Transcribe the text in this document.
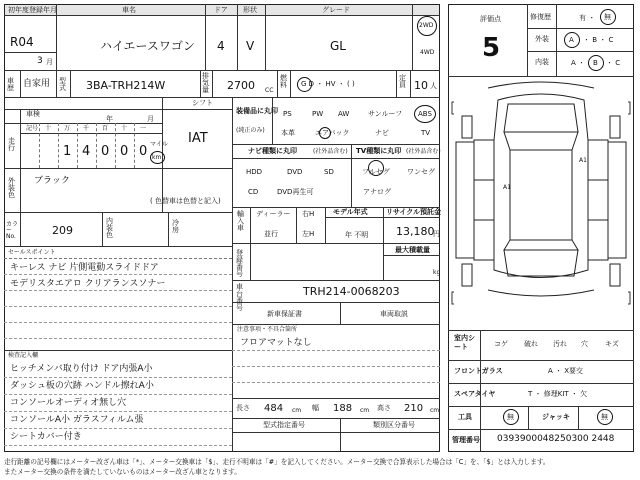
初年度登録年月	車名	ドア 形状	グレード
R04
3 月
ハイエースワゴン 4 V	GL
2WD
4WD
車歴	自家用 型式 3BA-TRH214W
排気量 2700 CC
燃料 G D ・ HV ・ ( )
定員 10 人
車検
年	月
シフト
IAT
走行
記号 十 万 千 百 十 一
1 4 0 0 0 マイル
km
外装色
ブラック
( 色替車は色替と記入)
カラーNo.	209
内装色
冷房
セールスポイント
キーレス ナビ 片側電動スライドドア
モデリスタエアロ クリアランスソナー
検査記入欄
ヒッチメンバ取り付け ドア内張A小
ダッシュ板の穴跡 ハンドル擦れA小
コンソールオーディオ無し穴
コンソールA小 ガラスフィルム張
シートカバー付き
装備品に丸印
(純正のみ)
PS	PW AW	サンルーフ ABS
本革	エアバック	ナビ	TV
ナビ種類に丸印	(社外品含む) TV種類に丸印 (社外品含む)
HDD	DVD	SD
CD	DVD再生可
フルセグ ワンセグ
アナログ
輸入車
ディーラー
並行
右H
左H
モデル年式
年 不明
リサイクル預託金
13,180
円
登録番号
最大積載量
kg
車台番号
TRH214-0068203
新車保証書	車両取説
注意事項・不具合箇所
フロアマットなし
長さ 484 cm 幅 188 cm 高さ 210 cm
型式指定番号	類別区分番号
評価点
5
修復歴	有 ・ 無
外装	A ・ B ・ C
内装	A ・ B ・ C
A1
A1
室内シート	コゲ 破れ 汚れ 穴 キズ
フロントガラス	A ・ X要交
スペアタイヤ	T ・ 修理KIT ・ 欠
工具	無	ジャッキ	無
管理番号 0393900048250300 2448
走行距離の記号欄にはメーター改ざん車は「*」、メーター交換車は「$」、走行不明車は「#」を記入してください。メーター交換で合算表示した場合は「C」を、「$」とは入力します。
またメーター交換の条件を満たしていないものはメーター改ざん車となります。
